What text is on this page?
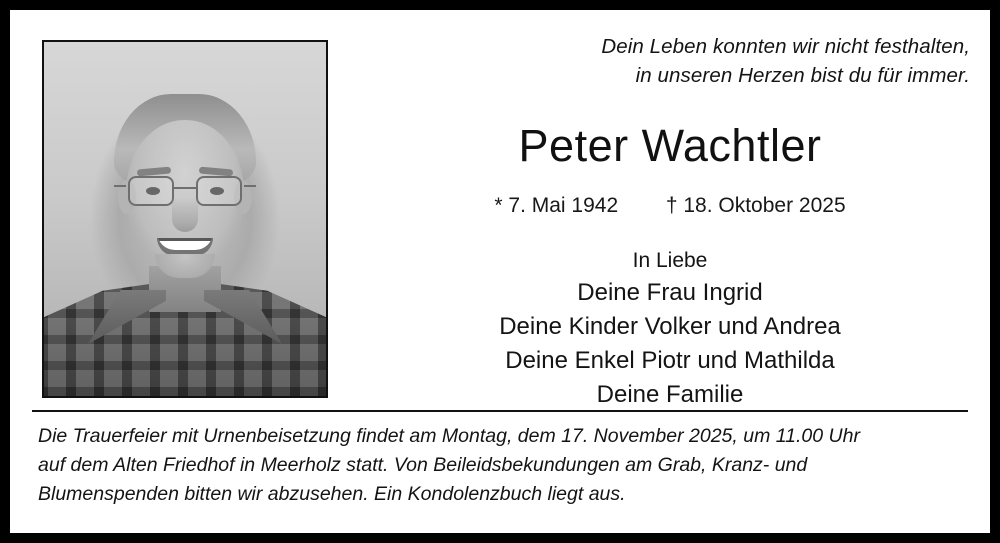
Dein Leben konnten wir nicht festhalten,
in unseren Herzen bist du für immer.
Peter Wachtler
* 7. Mai 1942 † 18. Oktober 2025
In Liebe
Deine Frau Ingrid
Deine Kinder Volker und Andrea
Deine Enkel Piotr und Mathilda
Deine Familie
Die Trauerfeier mit Urnenbeisetzung findet am Montag, dem 17. November 2025, um 11.00 Uhr
auf dem Alten Friedhof in Meerholz statt. Von Beileidsbekundungen am Grab, Kranz- und
Blumenspenden bitten wir abzusehen. Ein Kondolenzbuch liegt aus.
